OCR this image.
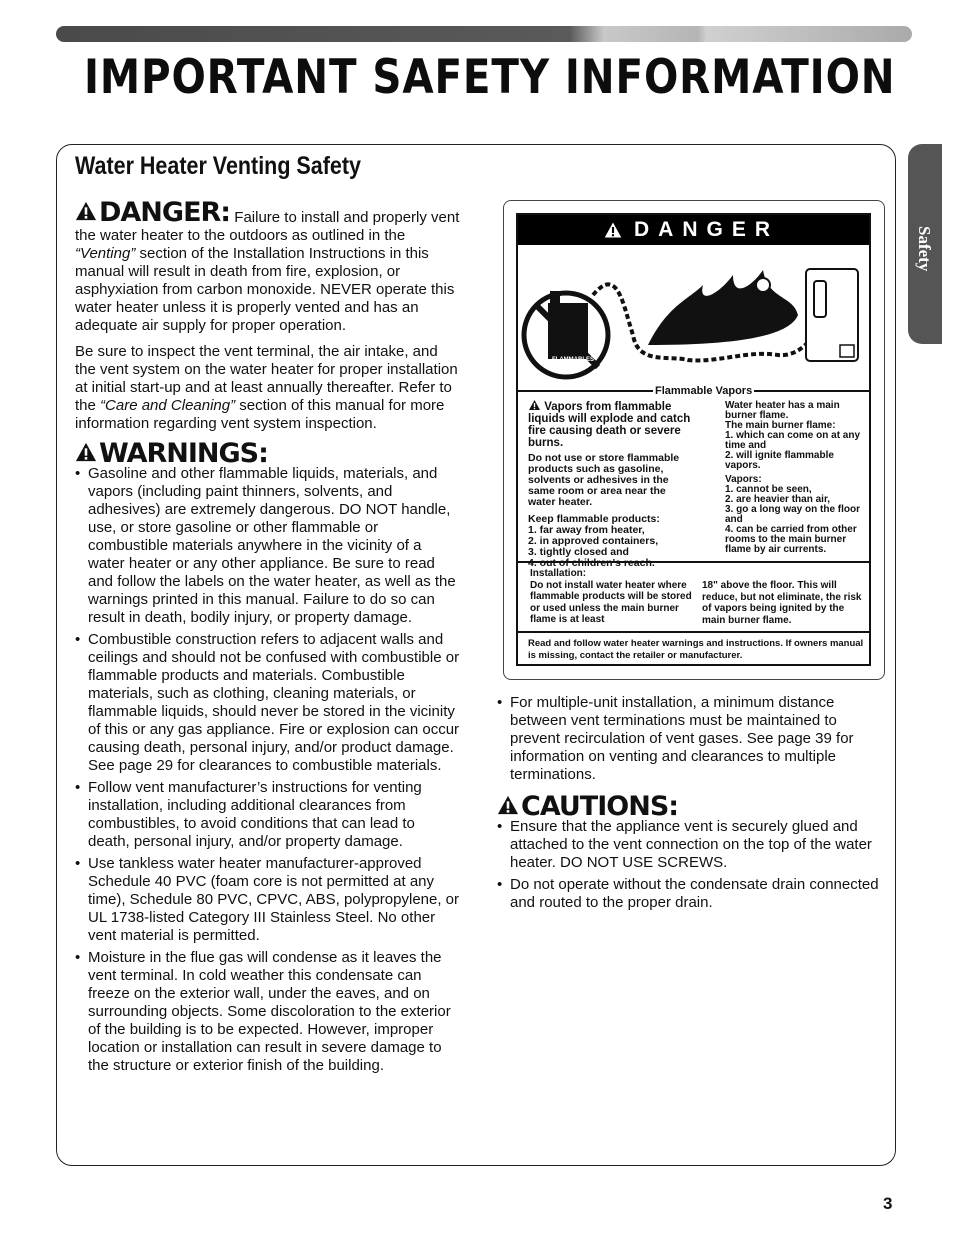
IMPORTANT SAFETY INFORMATION
Safety
Water Heater Venting Safety

DANGER: Failure to install and properly vent the water heater to the outdoors as outlined in the “Venting” section of the Installation Instructions in this manual will result in death from fire, explosion, or asphyxiation from carbon monoxide. NEVER operate this water heater unless it is properly vented and has an adequate air supply for proper operation.

Be sure to inspect the vent terminal, the air intake, and the vent system on the water heater for proper installation at initial start-up and at least annually thereafter. Refer to the “Care and Cleaning” section of this manual for more information regarding vent system inspection.

WARNINGS:
• Gasoline and other flammable liquids, materials, and vapors (including paint thinners, solvents, and adhesives) are extremely dangerous. DO NOT handle, use, or store gasoline or other flammable or combustible materials anywhere in the vicinity of a water heater or any other appliance. Be sure to read and follow the labels on the water heater, as well as the warnings printed in this manual. Failure to do so can result in death, bodily injury, or property damage.
• Combustible construction refers to adjacent walls and ceilings and should not be confused with combustible or flammable products and materials. Combustible materials, such as clothing, cleaning materials, or flammable liquids, should never be stored in the vicinity of this or any gas appliance. Fire or explosion can occur causing death, personal injury, and/or product damage. See page 29 for clearances to combustible materials.
• Follow vent manufacturer’s instructions for venting installation, including additional clearances from combustibles, to avoid conditions that can lead to death, personal injury, and/or property damage.
• Use tankless water heater manufacturer-approved Schedule 40 PVC (foam core is not permitted at any time), Schedule 80 PVC, CPVC, ABS, polypropylene, or UL 1738-listed Category III Stainless Steel. No other vent material is permitted.
• Moisture in the flue gas will condense as it leaves the vent terminal. In cold weather this condensate can freeze on the exterior wall, under the eaves, and on surrounding objects. Some discoloration to the exterior of the building is to be expected. However, improper location or installation can result in severe damage to the structure or exterior finish of the building.
DANGER
FLAMMABLES
Flammable Vapors
Vapors from flammable liquids will explode and catch fire causing death or severe burns.
Do not use or store flammable products such as gasoline, solvents or adhesives in the same room or area near the water heater.
Keep flammable products:
1. far away from heater,
2. in approved containers,
3. tightly closed and
4. out of children's reach.
Water heater has a main burner flame.
The main burner flame:
1. which can come on at any time and
2. will ignite flammable vapors.
Vapors:
1. cannot be seen,
2. are heavier than air,
3. go a long way on the floor and
4. can be carried from other rooms to the main burner flame by air currents.
Installation:
Do not install water heater where flammable products will be stored or used unless the main burner flame is at least
18" above the floor. This will reduce, but not eliminate, the risk of vapors being ignited by the main burner flame.
Read and follow water heater warnings and instructions. If owners manual is missing, contact the retailer or manufacturer.
• For multiple-unit installation, a minimum distance between vent terminations must be maintained to prevent recirculation of vent gases. See page 39 for information on venting and clearances to multiple terminations.
CAUTIONS:
• Ensure that the appliance vent is securely glued and attached to the vent connection on the top of the water heater. DO NOT USE SCREWS.
• Do not operate without the condensate drain connected and routed to the proper drain.
3
